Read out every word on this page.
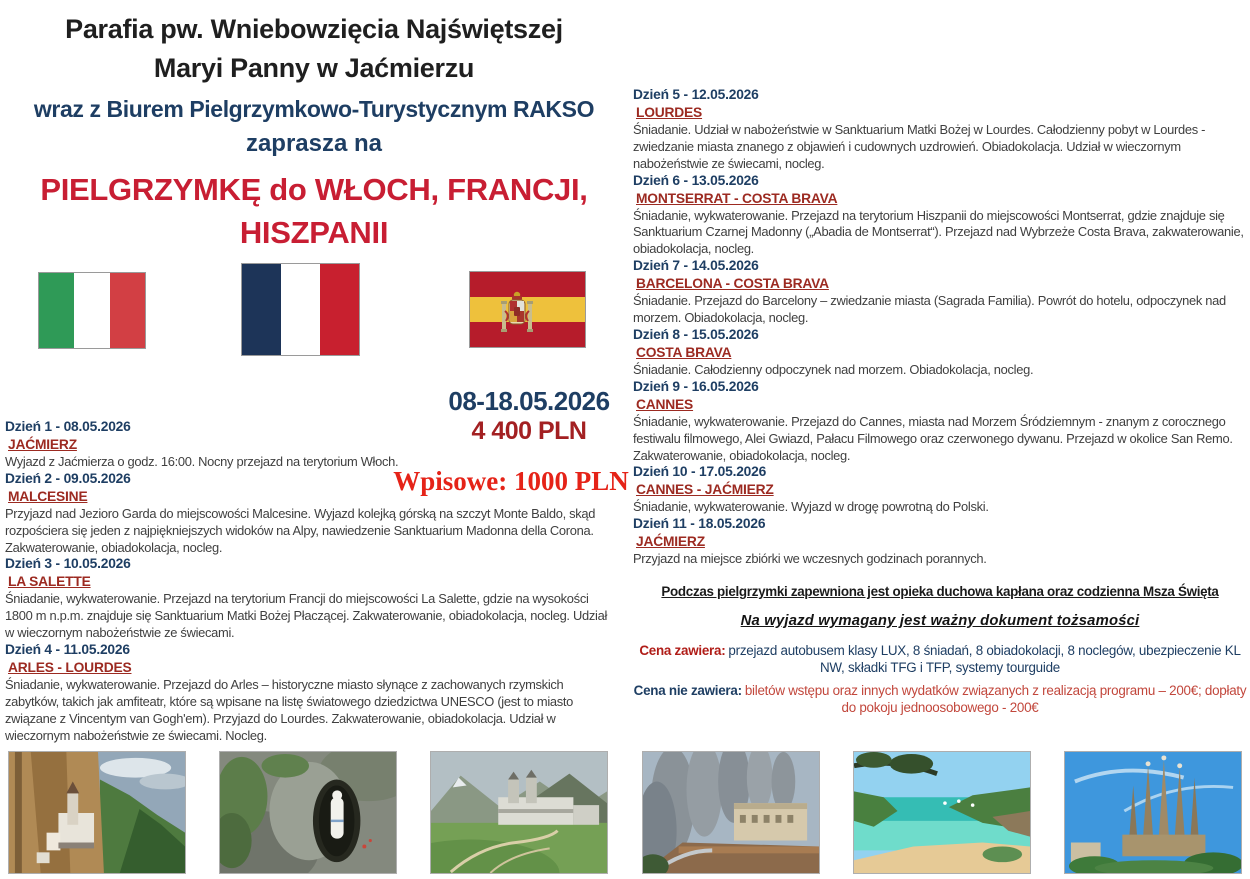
Parafia pw. Wniebowzięcia Najświętszej
Maryi Panny w Jaćmierzu
wraz z Biurem Pielgrzymkowo-Turystycznym RAKSO
zaprasza na
PIELGRZYMKĘ do WŁOCH, FRANCJI,
HISZPANII
08-18.05.2026
4 400 PLN
Wpisowe: 1000 PLN
Dzień 1 - 08.05.2026
JAĆMIERZ
Wyjazd z Jaćmierza o godz. 16:00. Nocny przejazd na terytorium Włoch.
Dzień 2 - 09.05.2026
MALCESINE
Przyjazd nad Jezioro Garda do miejscowości Malcesine. Wyjazd kolejką górską na szczyt Monte Baldo, skąd rozpościera się jeden z najpiękniejszych widoków na Alpy, nawiedzenie Sanktuarium Madonna della Corona. Zakwaterowanie, obiadokolacja, nocleg.
Dzień 3 - 10.05.2026
LA SALETTE
Śniadanie, wykwaterowanie. Przejazd na terytorium Francji do miejscowości La Salette, gdzie na wysokości 1800 m n.p.m. znajduje się Sanktuarium Matki Bożej Płaczącej. Zakwaterowanie, obiadokolacja, nocleg. Udział w wieczornym nabożeństwie ze świecami.
Dzień 4 - 11.05.2026
ARLES - LOURDES
Śniadanie, wykwaterowanie. Przejazd do Arles – historyczne miasto słynące z zachowanych rzymskich zabytków, takich jak amfiteatr, które są wpisane na listę światowego dziedzictwa UNESCO (jest to miasto związane z Vincentym van Gogh'em). Przyjazd do Lourdes. Zakwaterowanie, obiadokolacja. Udział w wieczornym nabożeństwie ze świecami. Nocleg.
Dzień 5 - 12.05.2026
LOURDES
Śniadanie. Udział w nabożeństwie w Sanktuarium Matki Bożej w Lourdes. Całodzienny pobyt w Lourdes - zwiedzanie miasta znanego z objawień i cudownych uzdrowień. Obiadokolacja. Udział w wieczornym nabożeństwie ze świecami, nocleg.
Dzień 6 - 13.05.2026
MONTSERRAT - COSTA BRAVA
Śniadanie, wykwaterowanie. Przejazd na terytorium Hiszpanii do miejscowości Montserrat, gdzie znajduje się Sanktuarium Czarnej Madonny („Abadia de Montserrat“). Przejazd nad Wybrzeże Costa Brava, zakwaterowanie, obiadokolacja, nocleg.
Dzień 7 - 14.05.2026
BARCELONA - COSTA BRAVA
Śniadanie. Przejazd do Barcelony – zwiedzanie miasta (Sagrada Familia). Powrót do hotelu, odpoczynek nad morzem. Obiadokolacja, nocleg.
Dzień 8 - 15.05.2026
COSTA BRAVA
Śniadanie. Całodzienny odpoczynek nad morzem. Obiadokolacja, nocleg.
Dzień 9 - 16.05.2026
CANNES
Śniadanie, wykwaterowanie. Przejazd do Cannes, miasta nad Morzem Śródziemnym - znanym z corocznego festiwalu filmowego, Alei Gwiazd, Pałacu Filmowego oraz czerwonego dywanu. Przejazd w okolice San Remo. Zakwaterowanie, obiadokolacja, nocleg.
Dzień 10 - 17.05.2026
CANNES - JAĆMIERZ
Śniadanie, wykwaterowanie. Wyjazd w drogę powrotną do Polski.
Dzień 11 - 18.05.2026
JAĆMIERZ
Przyjazd na miejsce zbiórki we wczesnych godzinach porannych.
Podczas pielgrzymki zapewniona jest opieka duchowa kapłana oraz codzienna Msza Święta
Na wyjazd wymagany jest ważny dokument tożsamości
Cena zawiera: przejazd autobusem klasy LUX, 8 śniadań, 8 obiadokolacji, 8 noclegów, ubezpieczenie KL NW, składki TFG i TFP, systemy tourguide
Cena nie zawiera: biletów wstępu oraz innych wydatków związanych z realizacją programu – 200€; dopłaty do pokoju jednoosobowego - 200€
